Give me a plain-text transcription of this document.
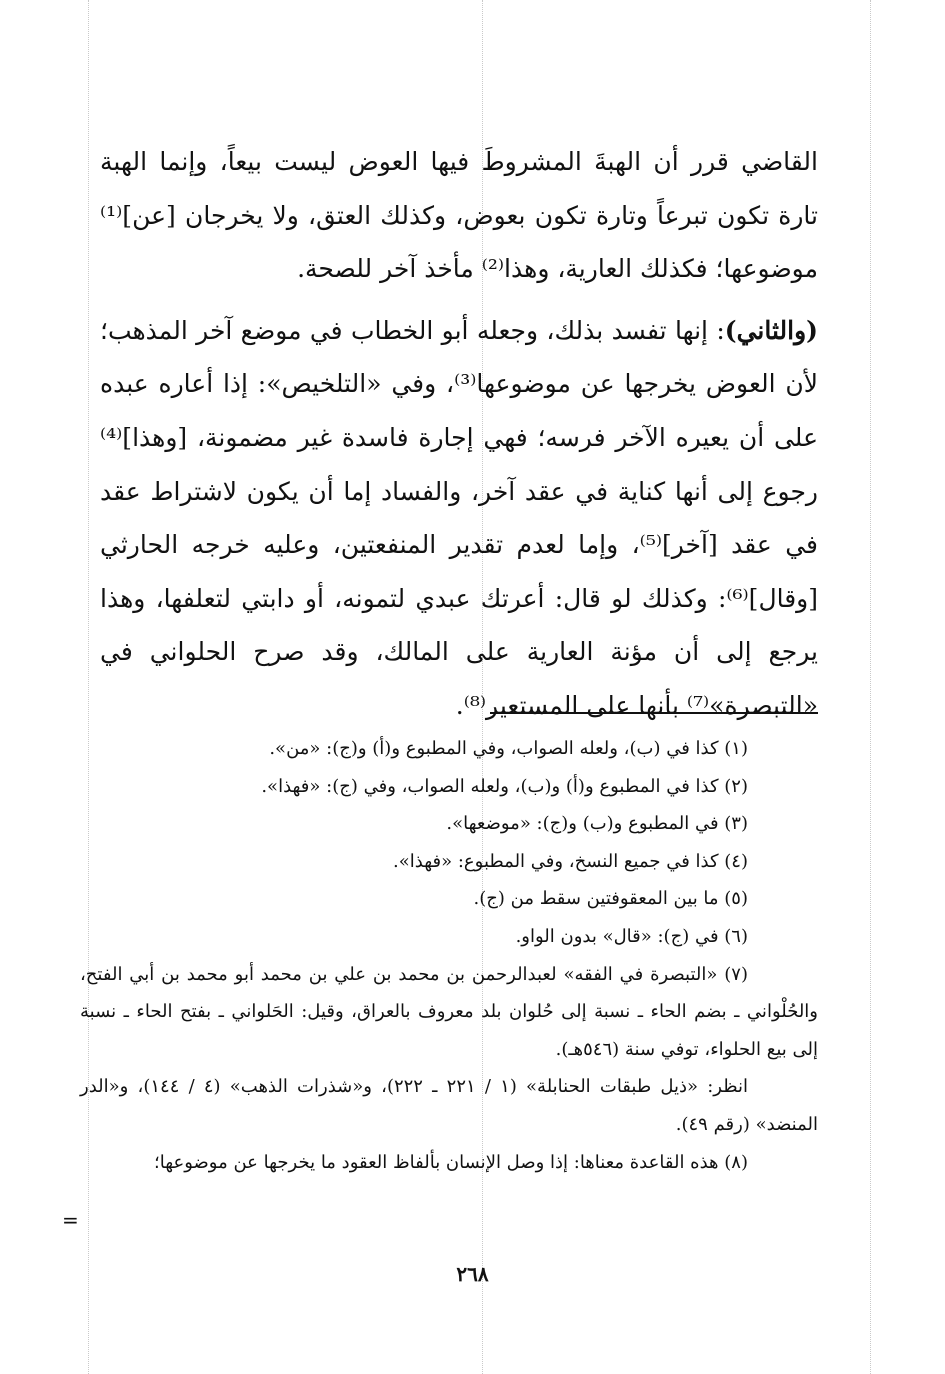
القاضي قرر أن الهبةَ المشروطَ فيها العوض ليست بيعاً، وإنما الهبة تارة تكون تبرعاً وتارة تكون بعوض، وكذلك العتق، ولا يخرجان [عن]⁽¹⁾ موضوعها؛ فكذلك العارية، وهذا⁽²⁾ مأخذ آخر للصحة.

(والثاني): إنها تفسد بذلك، وجعله أبو الخطاب في موضع آخر المذهب؛ لأن العوض يخرجها عن موضوعها⁽³⁾، وفي «التلخيص»: إذا أعاره عبده على أن يعيره الآخر فرسه؛ فهي إجارة فاسدة غير مضمونة، [وهذا]⁽⁴⁾ رجوع إلى أنها كناية في عقد آخر، والفساد إما أن يكون لاشتراط عقد في عقد [آخر]⁽⁵⁾، وإما لعدم تقدير المنفعتين، وعليه خرجه الحارثي [وقال]⁽⁶⁾: وكذلك لو قال: أعرتك عبدي لتمونه، أو دابتي لتعلفها، وهذا يرجع إلى أن مؤنة العارية على المالك، وقد صرح الحلواني في «التبصرة»⁽⁷⁾ بأنها على المستعير⁽⁸⁾.

(١) كذا في (ب)، ولعله الصواب، وفي المطبوع و(أ) و(ج): «من».

(٢) كذا في المطبوع و(أ) و(ب)، ولعله الصواب، وفي (ج): «فهذا».

(٣) في المطبوع و(ب) و(ج): «موضعها».

(٤) كذا في جميع النسخ، وفي المطبوع: «فهذا».

(٥) ما بين المعقوفتين سقط من (ج).

(٦) في (ج): «قال» بدون الواو.

(٧) «التبصرة في الفقه» لعبدالرحمن بن محمد بن علي بن محمد أبو محمد بن أبي الفتح، والحُلْواني ـ بضم الحاء ـ نسبة إلى حُلوان بلد معروف بالعراق، وقيل: الحَلواني ـ بفتح الحاء ـ نسبة إلى بيع الحلواء، توفي سنة (٥٤٦هـ).

انظر: «ذيل طبقات الحنابلة» (١ / ٢٢١ ـ ٢٢٢)، و«شذرات الذهب» (٤ / ١٤٤)، و«الدر المنضد» (رقم ٤٩).

(٨) هذه القاعدة معناها: إذا وصل الإنسان بألفاظ العقود ما يخرجها عن موضوعها؛

=
٢٦٨
